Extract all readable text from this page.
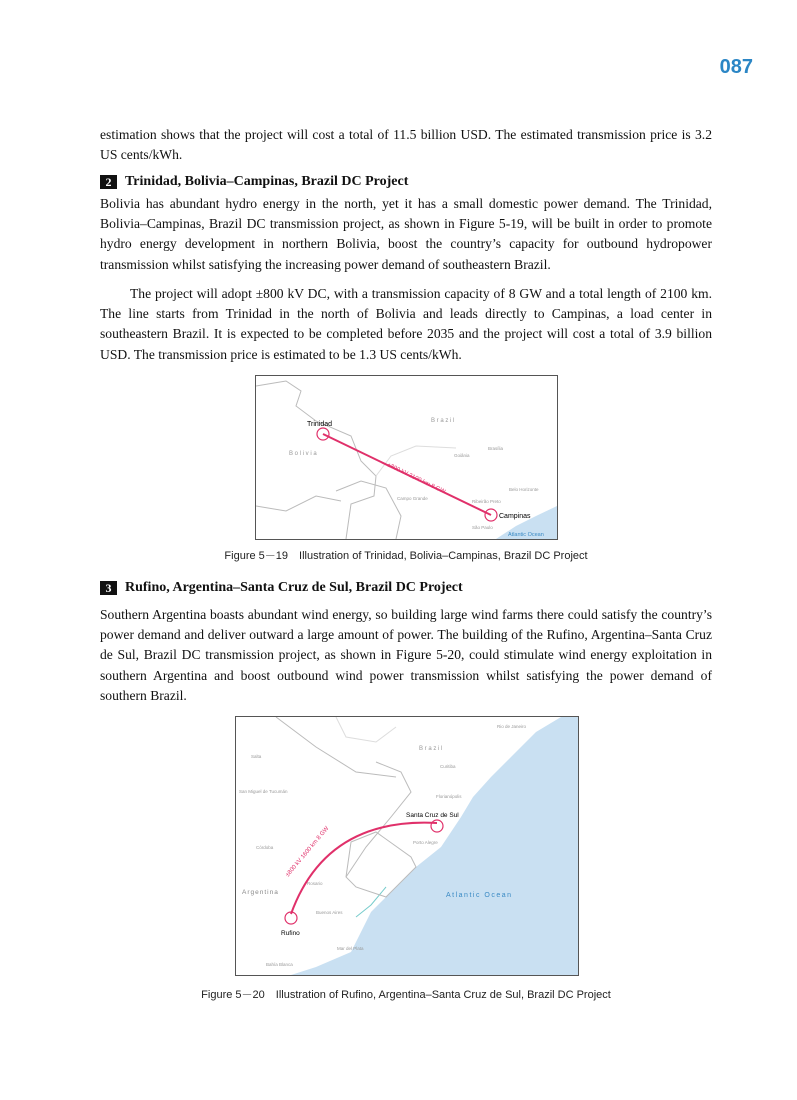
087

estimation shows that the project will cost a total of 11.5 billion USD. The estimated transmission price is 3.2 US cents/kWh.

2 Trinidad, Bolivia–Campinas, Brazil DC Project

Bolivia has abundant hydro energy in the north, yet it has a small domestic power demand. The Trinidad, Bolivia–Campinas, Brazil DC transmission project, as shown in Figure 5-19, will be built in order to promote hydro energy development in northern Bolivia, boost the country’s capacity for outbound hydropower transmission whilst satisfying the increasing power demand of southeastern Brazil.

The project will adopt ±800 kV DC, with a transmission capacity of 8 GW and a total length of 2100 km. The line starts from Trinidad in the north of Bolivia and leads directly to Campinas, a load center in southeastern Brazil. It is expected to be completed before 2035 and the project will cost a total of 3.9 billion USD. The transmission price is estimated to be 1.3 US cents/kWh.

Trinidad
Campinas
B o l i v i a
B r a z i l
±800 kV 2100 km 8 GW
Brasília
Goiânia
Belo Horizonte
Campo Grande
Ribeirão Preto
São Paulo
Atlantic Ocean
Figure 5－19　Illustration of Trinidad, Bolivia–Campinas, Brazil DC Project
3 Rufino, Argentina–Santa Cruz de Sul, Brazil DC Project

Southern Argentina boasts abundant wind energy, so building large wind farms there could satisfy the country’s power demand and deliver outward a large amount of power. The building of the Rufino, Argentina–Santa Cruz de Sul, Brazil DC transmission project, as shown in Figure 5-20, could stimulate wind energy exploitation in southern Argentina and boost outbound wind power transmission whilst satisfying the power demand of southern Brazil.

Rufino
Santa Cruz de Sul
Argentina
B r a z i l
±800 kV 1600 km 8 GW
Salta
San Miguel de Tucumán
Córdoba
Rosario
Buenos Aires
Mar del Plata
Bahía Blanca
Porto Alegre
Florianópolis
Curitiba
Rio de Janeiro
Atlantic Ocean
Figure 5－20　Illustration of Rufino, Argentina–Santa Cruz de Sul, Brazil DC Project
